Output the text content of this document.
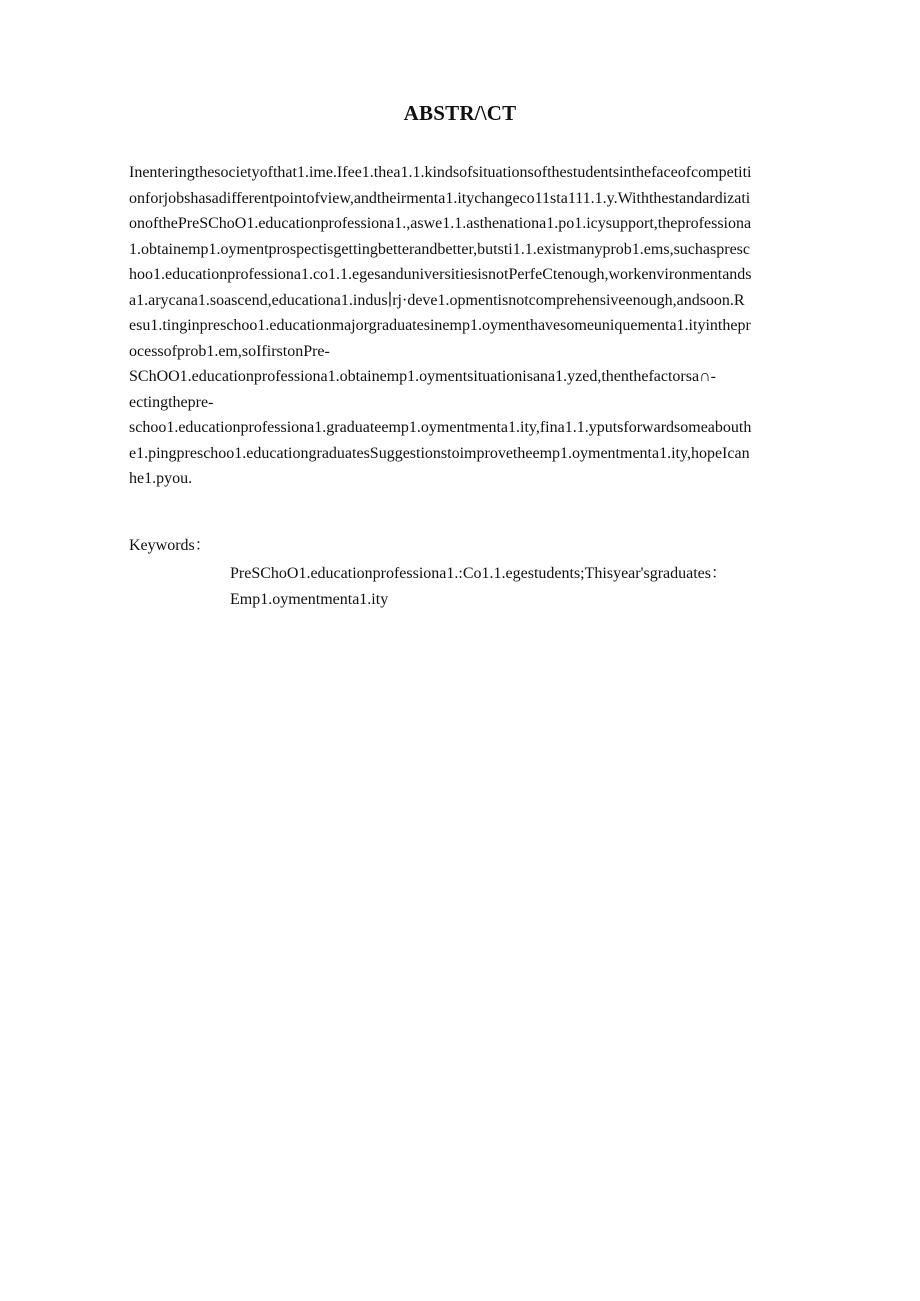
ABSTR/\CT
Inenteringthesocietyofthat1.ime.Ifee1.thea1.1.kindsofsituationsofthestudentsinthefaceofcompetiti
onforjobshasadifferentpointofview,andtheirmenta1.itychangeco11sta111.1.y.Withthestandardizati
onofthePreSChoO1.educationprofessiona1.,aswe1.1.asthenationa1.po1.icysupport,theprofessiona
1.obtainemp1.oymentprospectisgettingbetterandbetter,butsti1.1.existmanyprob1.ems,suchaspresc
hoo1.educationprofessiona1.co1.1.egesanduniversitiesisnotPerfeCtenough,workenvironmentands
a1.arycana1.soascend,educationa1.indus∣rj·deve1.opmentisnotcomprehensiveenough,andsoon.R
esu1.tinginpreschoo1.educationmajorgraduatesinemp1.oymenthavesomeuniquementa1.ityinthepr
ocessofprob1.em,soIfirstonPre-
SChOO1.educationprofessiona1.obtainemp1.oymentsituationisana1.yzed,thenthefactorsa∩-
ectingthepre-
schoo1.educationprofessiona1.graduateemp1.oymentmenta1.ity,fina1.1.yputsforwardsomeabouth
e1.pingpreschoo1.educationgraduatesSuggestionstoimprovetheemp1.oymentmenta1.ity,hopeIcan
he1.pyou.
Keywords：
PreSChoO1.educationprofessiona1.:Co1.1.egestudents;Thisyear'sgraduates：
Emp1.oymentmenta1.ity
